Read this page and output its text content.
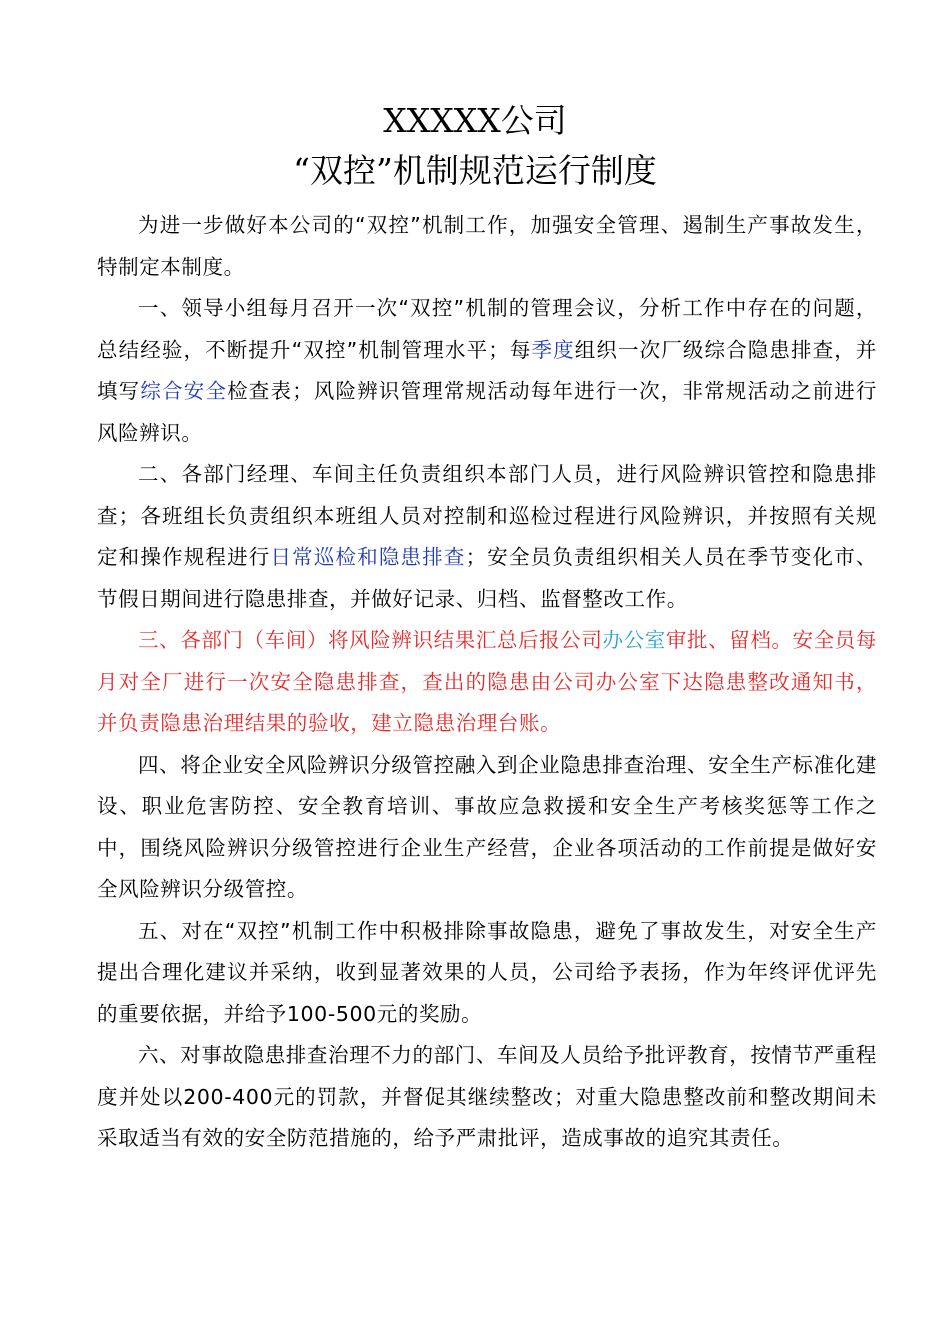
XXXXX公司
“双控”机制规范运行制度

为进一步做好本公司的“双控”机制工作，加强安全管理、遏制生产事故发生，特制定本制度。

一、领导小组每月召开一次“双控”机制的管理会议，分析工作中存在的问题，总结经验，不断提升“双控”机制管理水平；每季度组织一次厂级综合隐患排查，并填写综合安全检查表；风险辨识管理常规活动每年进行一次，非常规活动之前进行风险辨识。

二、各部门经理、车间主任负责组织本部门人员，进行风险辨识管控和隐患排查；各班组长负责组织本班组人员对控制和巡检过程进行风险辨识，并按照有关规定和操作规程进行日常巡检和隐患排查；安全员负责组织相关人员在季节变化市、节假日期间进行隐患排查，并做好记录、归档、监督整改工作。

三、各部门（车间）将风险辨识结果汇总后报公司办公室审批、留档。安全员每月对全厂进行一次安全隐患排查，查出的隐患由公司办公室下达隐患整改通知书，并负责隐患治理结果的验收，建立隐患治理台账。

四、将企业安全风险辨识分级管控融入到企业隐患排查治理、安全生产标准化建设、职业危害防控、安全教育培训、事故应急救援和安全生产考核奖惩等工作之中，围绕风险辨识分级管控进行企业生产经营，企业各项活动的工作前提是做好安全风险辨识分级管控。

五、对在“双控”机制工作中积极排除事故隐患，避免了事故发生，对安全生产提出合理化建议并采纳，收到显著效果的人员，公司给予表扬，作为年终评优评先的重要依据，并给予100-500元的奖励。

六、对事故隐患排查治理不力的部门、车间及人员给予批评教育，按情节严重程度并处以200-400元的罚款，并督促其继续整改；对重大隐患整改前和整改期间未采取适当有效的安全防范措施的，给予严肃批评，造成事故的追究其责任。
